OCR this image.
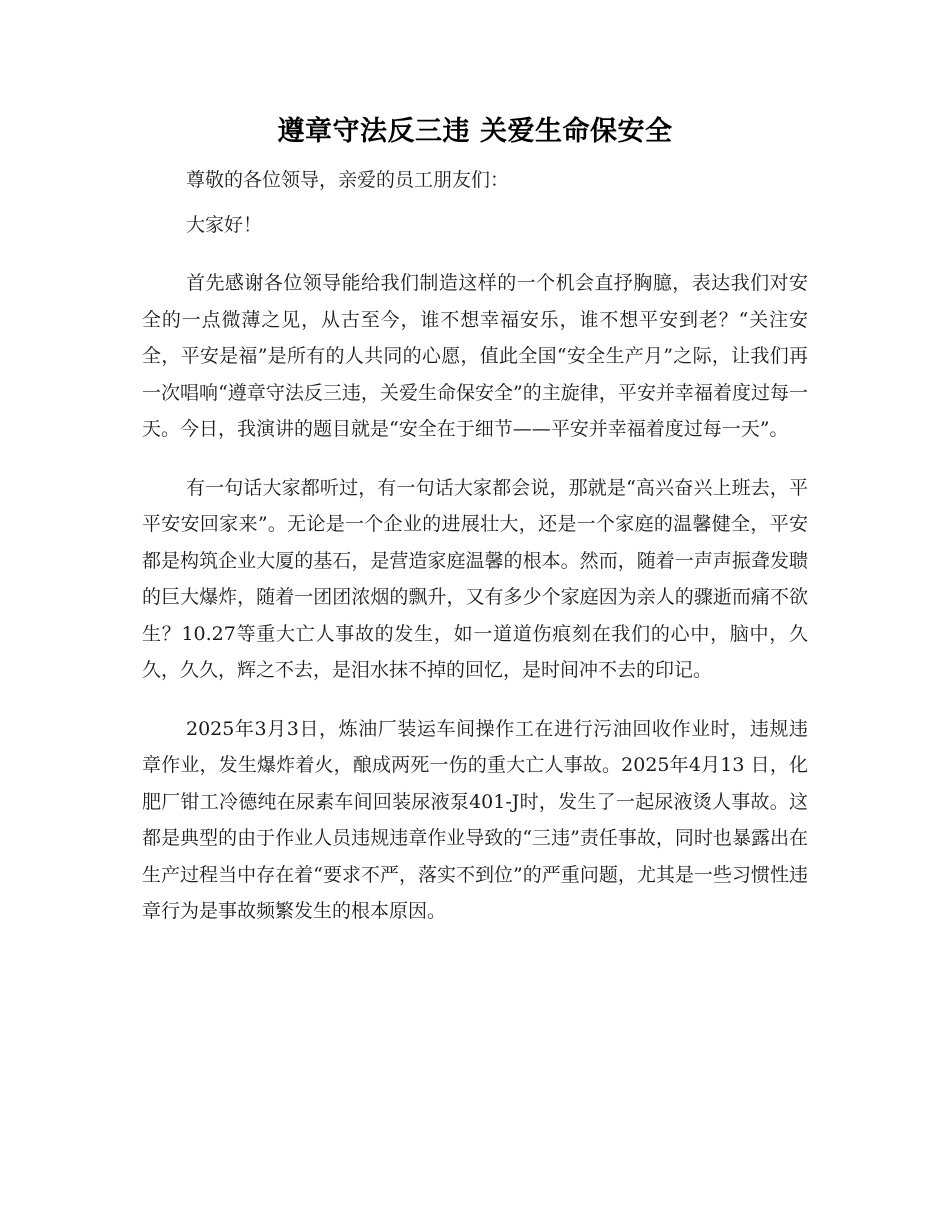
遵章守法反三违 关爱生命保安全

尊敬的各位领导，亲爱的员工朋友们：

大家好！

首先感谢各位领导能给我们制造这样的一个机会直抒胸臆，表达我们对安全的一点微薄之见，从古至今，谁不想幸福安乐，谁不想平安到老？“关注安全，平安是福”是所有的人共同的心愿，值此全国“安全生产月”之际，让我们再一次唱响“遵章守法反三违，关爱生命保安全”的主旋律，平安并幸福着度过每一天。今日，我演讲的题目就是“安全在于细节——平安并幸福着度过每一天”。

有一句话大家都听过，有一句话大家都会说，那就是“高兴奋兴上班去，平平安安回家来”。无论是一个企业的进展壮大，还是一个家庭的温馨健全，平安都是构筑企业大厦的基石，是营造家庭温馨的根本。然而，随着一声声振聋发聩的巨大爆炸，随着一团团浓烟的飘升，又有多少个家庭因为亲人的骤逝而痛不欲生？10.27等重大亡人事故的发生，如一道道伤痕刻在我们的心中，脑中，久久，久久，辉之不去，是泪水抹不掉的回忆，是时间冲不去的印记。

2025年3月3日，炼油厂装运车间操作工在进行污油回收作业时，违规违章作业，发生爆炸着火，酿成两死一伤的重大亡人事故。2025年4月13 日，化肥厂钳工冷德纯在尿素车间回装尿液泵401-J时，发生了一起尿液烫人事故。这都是典型的由于作业人员违规违章作业导致的“三违”责任事故，同时也暴露出在生产过程当中存在着“要求不严，落实不到位”的严重问题，尤其是一些习惯性违章行为是事故频繁发生的根本原因。
